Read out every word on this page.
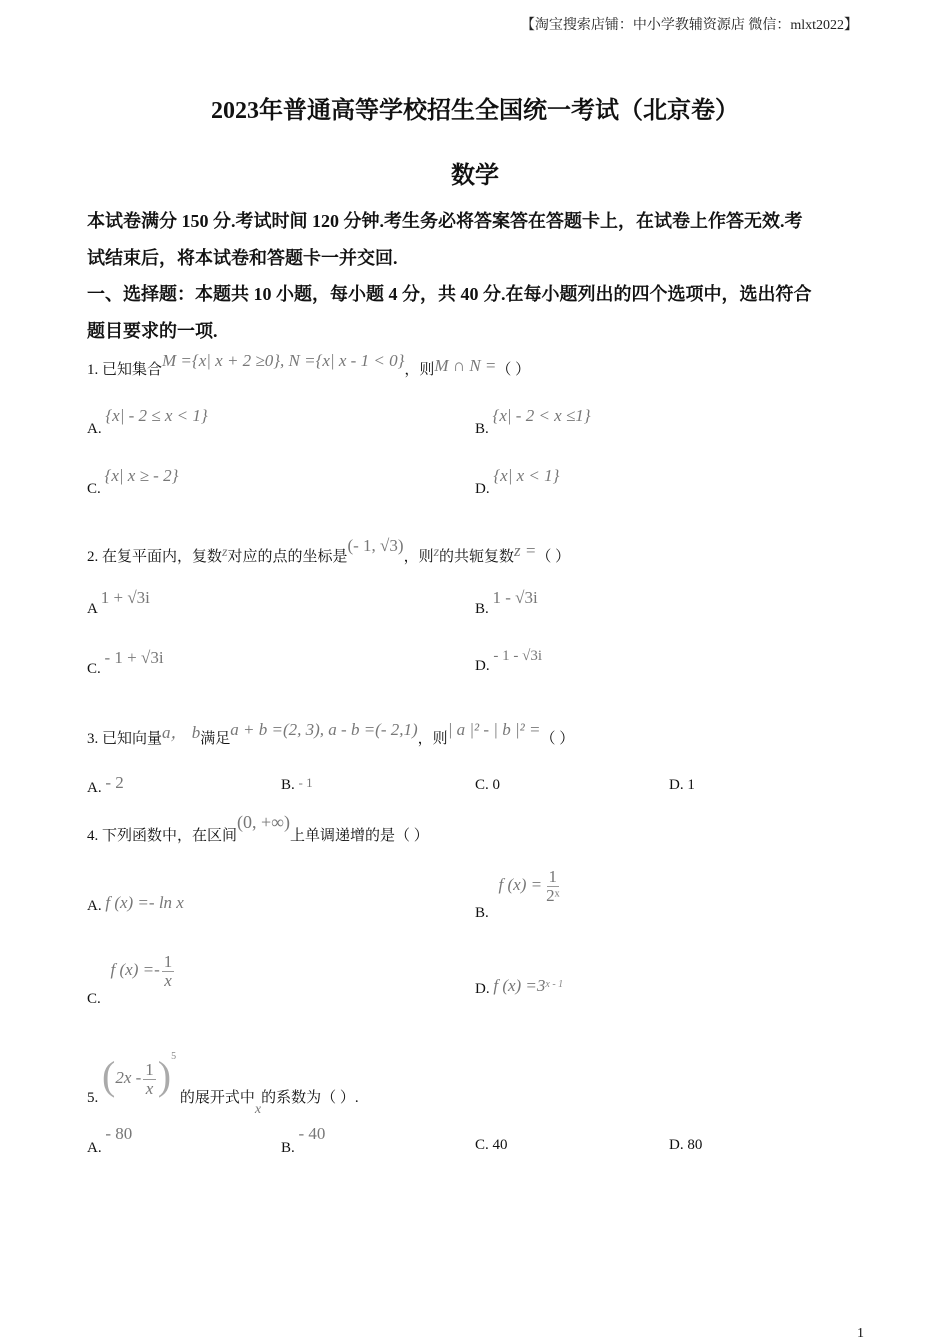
【淘宝搜索店铺：中小学教辅资源店 微信：mlxt2022】
2023年普通高等学校招生全国统一考试（北京卷）
数学
本试卷满分 150 分.考试时间 120 分钟.考生务必将答案答在答题卡上，在试卷上作答无效.考
试结束后，将本试卷和答题卡一并交回.
一、选择题：本题共 10 小题，每小题 4 分，共 40 分.在每小题列出的四个选项中，选出符合
题目要求的一项.
1. 已知集合M ={x| x + 2 ≥0}, N ={x| x - 1 < 0}，则M ∩ N =（ ）
A. {x| - 2 ≤ x < 1}
B. {x| - 2 < x ≤1}
C. {x| x ≥ - 2}
D. {x| x < 1}
2. 在复平面内，复数z对应的点的坐标是(- 1, √3)，则z的共轭复数z =（ ）
A 1 + √3i
B. 1 - √3i
C. - 1 + √3i	D. - 1 - √3i
3. 已知向量a， b满足a + b =(2, 3), a - b =(- 2,1)，则| a |² - | b |² =（ ）
A. - 2	B. - 1	C. 0	D. 1
4. 下列函数中，在区间(0, +∞)上单调递增的是（ ）
A. f (x) =- ln x
B. f $(x) = \frac{1}{\text{2ˣ}}$
C. f $(x) =- \frac{1}{x}$	D. f $(x) =3^{x - 1}$
5. $(2x - \frac{1}{x} )^5$ 的展开式中x的系数为（ ）.
A. - 80
B. - 40
C. 40	D. 80
1
